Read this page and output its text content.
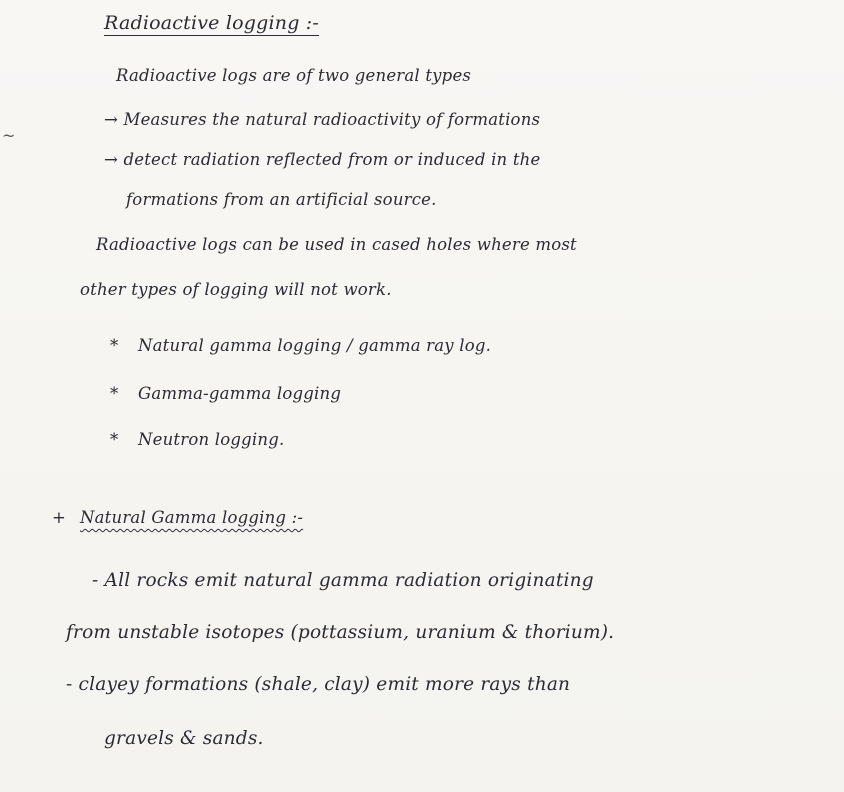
~
Radioactive logging :-
Radioactive logs are of two general types
→ Measures the natural radioactivity of formations
→ detect radiation reflected from or induced in the
formations from an artificial source.
Radioactive logs can be used in cased holes where most
other types of logging will not work.
* Natural gamma logging / gamma ray log.
* Gamma-gamma logging
* Neutron logging.
+ Natural Gamma logging :-
- All rocks emit natural gamma radiation originating
from unstable isotopes (pottassium, uranium & thorium).
- clayey formations (shale, clay) emit more rays than
gravels & sands.
